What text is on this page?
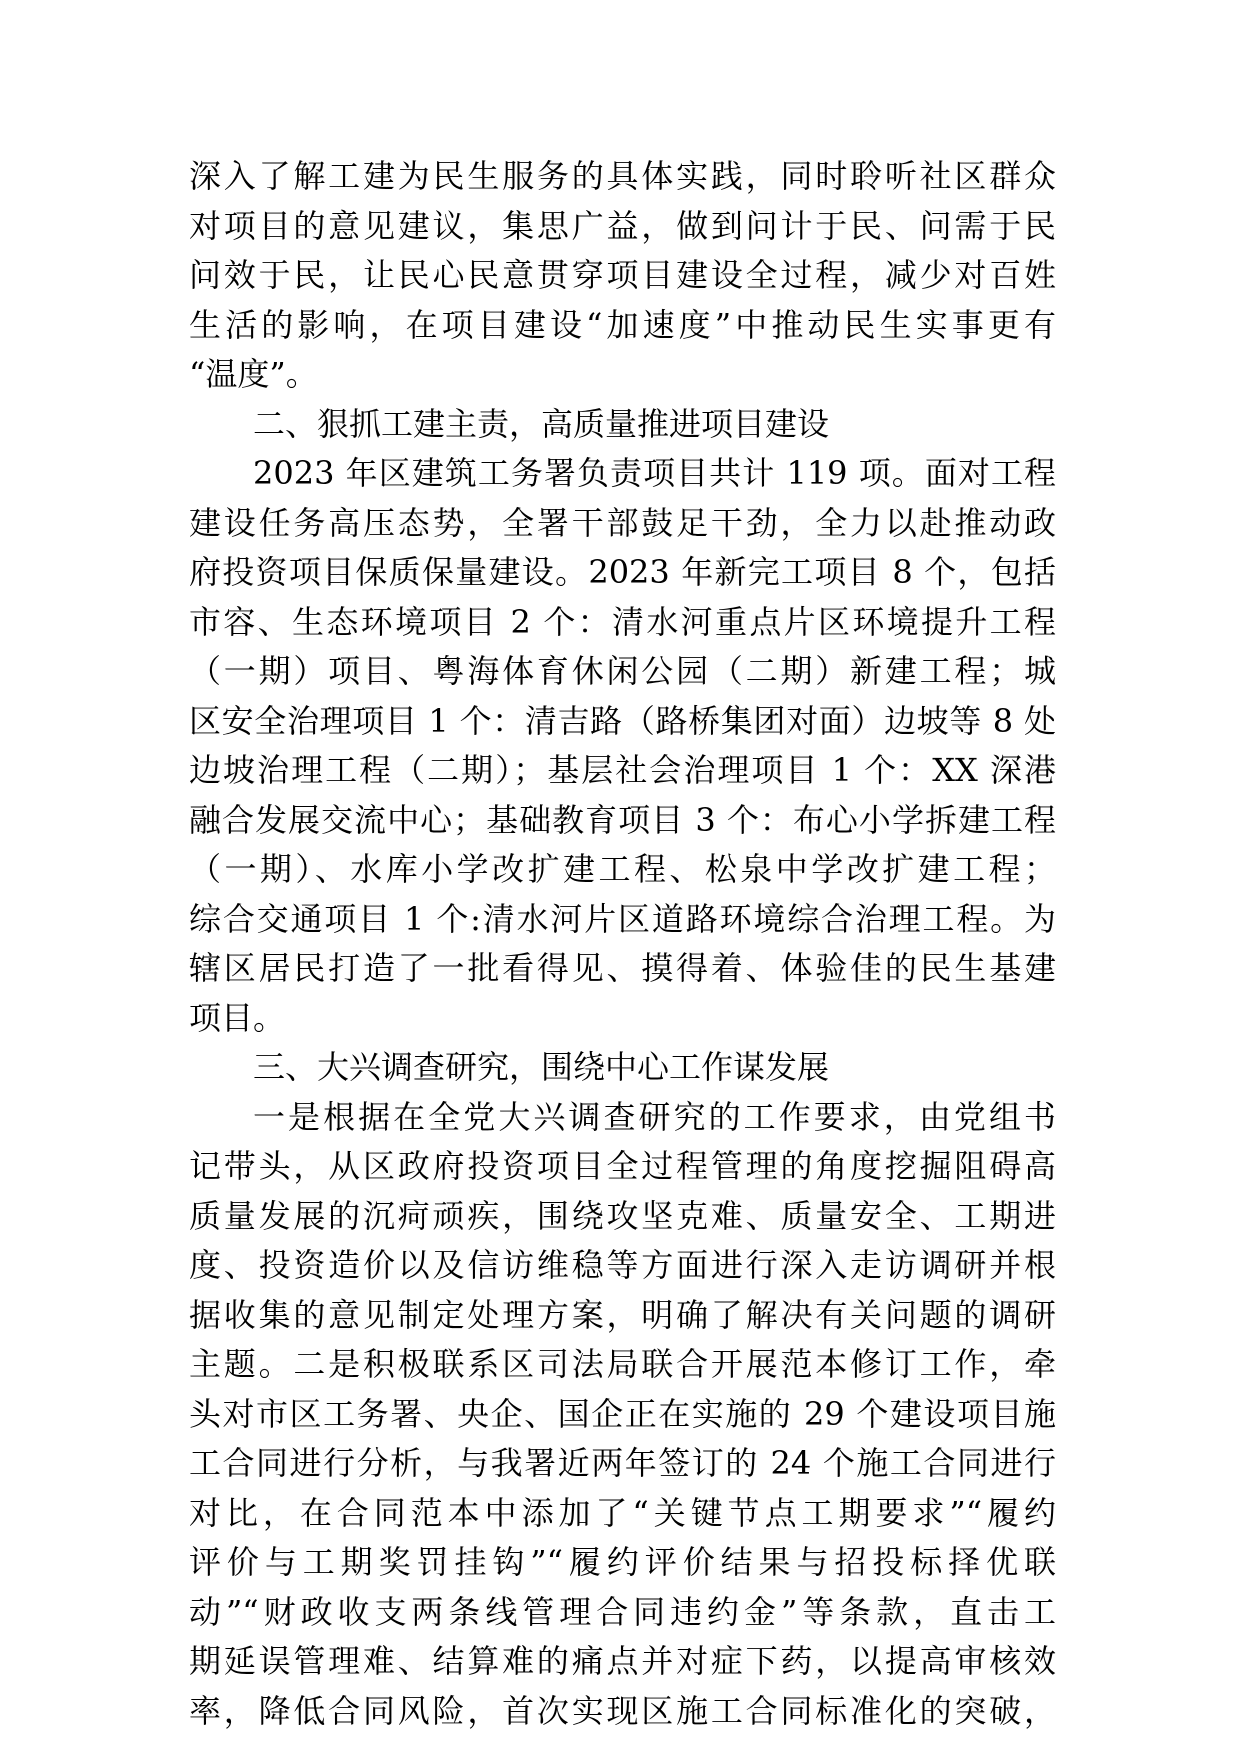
深入了解工建为民生服务的具体实践，同时聆听社区群众
对项目的意见建议，集思广益，做到问计于民、问需于民
问效于民，让民心民意贯穿项目建设全过程，减少对百姓
生活的影响，在项目建设“加速度”中推动民生实事更有
“温度”。
二、狠抓工建主责，高质量推进项目建设
2023 年区建筑工务署负责项目共计 119 项。面对工程
建设任务高压态势，全署干部鼓足干劲，全力以赴推动政
府投资项目保质保量建设。2023 年新完工项目 8 个，包括
市容、生态环境项目 2 个：清水河重点片区环境提升工程
（一期）项目、粤海体育休闲公园（二期）新建工程；城
区安全治理项目 1 个：清吉路（路桥集团对面）边坡等 8 处
边坡治理工程（二期）；基层社会治理项目 1 个：XX 深港
融合发展交流中心；基础教育项目 3 个：布心小学拆建工程
（一期）、水库小学改扩建工程、松泉中学改扩建工程；
综合交通项目 1 个:清水河片区道路环境综合治理工程。为
辖区居民打造了一批看得见、摸得着、体验佳的民生基建
项目。
三、大兴调查研究，围绕中心工作谋发展
一是根据在全党大兴调查研究的工作要求，由党组书
记带头，从区政府投资项目全过程管理的角度挖掘阻碍高
质量发展的沉疴顽疾，围绕攻坚克难、质量安全、工期进
度、投资造价以及信访维稳等方面进行深入走访调研并根
据收集的意见制定处理方案，明确了解决有关问题的调研
主题。二是积极联系区司法局联合开展范本修订工作，牵
头对市区工务署、央企、国企正在实施的 29 个建设项目施
工合同进行分析，与我署近两年签订的 24 个施工合同进行
对比，在合同范本中添加了“关键节点工期要求”“履约
评价与工期奖罚挂钩”“履约评价结果与招投标择优联
动”“财政收支两条线管理合同违约金”等条款，直击工
期延误管理难、结算难的痛点并对症下药，以提高审核效
率，降低合同风险，首次实现区施工合同标准化的突破，
